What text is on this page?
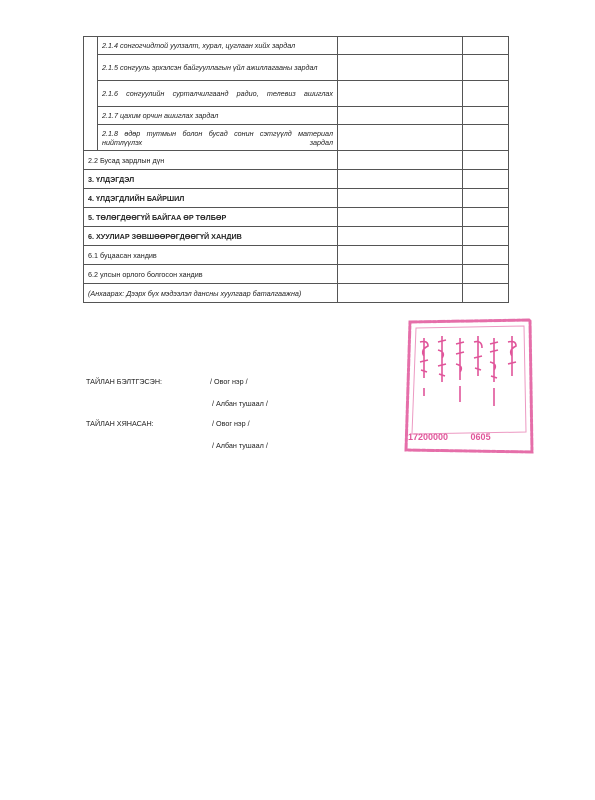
	2.1.4 сонгогчидтой уулзалт, хурал, цуглаан хийх зардал		
	2.1.5 сонгууль эрхэлсэн байгууллагын үйл ажиллагааны зардал		
	2.1.6 сонгуулийн сурталчилгаанд радио, телевиз ашиглах		
	2.1.7 цахим орчин ашиглах зардал		
	2.1.8 өдөр тутмын болон бусад сонин сэтгүүлд материал нийтлүүлэх зардал		
2.2 Бусад зардлын дүн			
3. ҮЛДЭГДЭЛ			
4. ҮЛДЭГДЛИЙН БАЙРШИЛ			
5. ТӨЛӨГДӨӨГҮЙ БАЙГАА ӨР ТӨЛБӨР			
6. ХУУЛИАР ЗӨВШӨӨРӨГДӨӨГҮЙ ХАНДИВ			
6.1 буцаасан хандив			
6.2 улсын орлого болгосон хандив			
(Анхаарах: Дээрх бүх мэдээлэл дансны хуулгаар баталгаажна)			
ТАЙЛАН БЭЛТГЭСЭН:	/ Овог нэр /
/ Албан тушаал /
ТАЙЛАН ХЯНАСАН:	/ Овог нэр /
/ Албан тушаал /
17200000         0605
